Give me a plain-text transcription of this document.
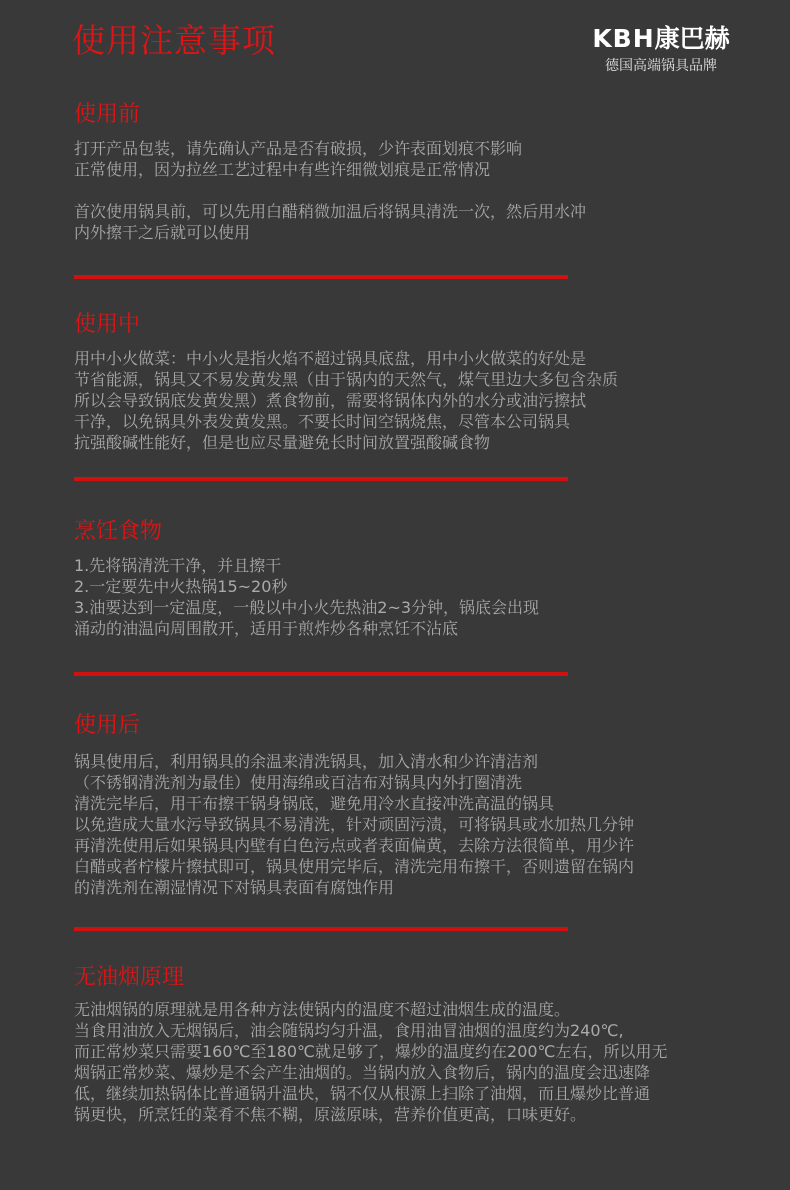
使用注意事项	KBH康巴赫
德国高端锅具品牌
使用前
打开产品包装，请先确认产品是否有破损，少许表面划痕不影响
正常使用，因为拉丝工艺过程中有些许细微划痕是正常情况
首次使用锅具前，可以先用白醋稍微加温后将锅具清洗一次，然后用水冲
内外擦干之后就可以使用
使用中
用中小火做菜：中小火是指火焰不超过锅具底盘，用中小火做菜的好处是
节省能源，锅具又不易发黄发黑（由于锅内的天然气，煤气里边大多包含杂质
所以会导致锅底发黄发黑）煮食物前，需要将锅体内外的水分或油污擦拭
干净，以免锅具外表发黄发黑。不要长时间空锅烧焦，尽管本公司锅具
抗强酸碱性能好，但是也应尽量避免长时间放置强酸碱食物
烹饪食物
1.先将锅清洗干净，并且擦干
2.一定要先中火热锅15~20秒
3.油要达到一定温度，一般以中小火先热油2~3分钟，锅底会出现
涌动的油温向周围散开，适用于煎炸炒各种烹饪不沾底
使用后
锅具使用后，利用锅具的余温来清洗锅具，加入清水和少许清洁剂
（不锈钢清洗剂为最佳）使用海绵或百洁布对锅具内外打圈清洗
清洗完毕后，用干布擦干锅身锅底，避免用冷水直接冲洗高温的锅具
以免造成大量水污导致锅具不易清洗，针对顽固污渍，可将锅具或水加热几分钟
再清洗使用后如果锅具内壁有白色污点或者表面偏黄，去除方法很简单，用少许
白醋或者柠檬片擦拭即可，锅具使用完毕后，清洗完用布擦干，否则遗留在锅内
的清洗剂在潮湿情况下对锅具表面有腐蚀作用
无油烟原理
无油烟锅的原理就是用各种方法使锅内的温度不超过油烟生成的温度。
当食用油放入无烟锅后，油会随锅均匀升温，食用油冒油烟的温度约为240℃,
而正常炒菜只需要160℃至180℃就足够了，爆炒的温度约在200℃左右，所以用无
烟锅正常炒菜、爆炒是不会产生油烟的。当锅内放入食物后，锅内的温度会迅速降
低，继续加热锅体比普通锅升温快，锅不仅从根源上扫除了油烟，而且爆炒比普通
锅更快，所烹饪的菜肴不焦不糊，原滋原味，营养价值更高，口味更好。
